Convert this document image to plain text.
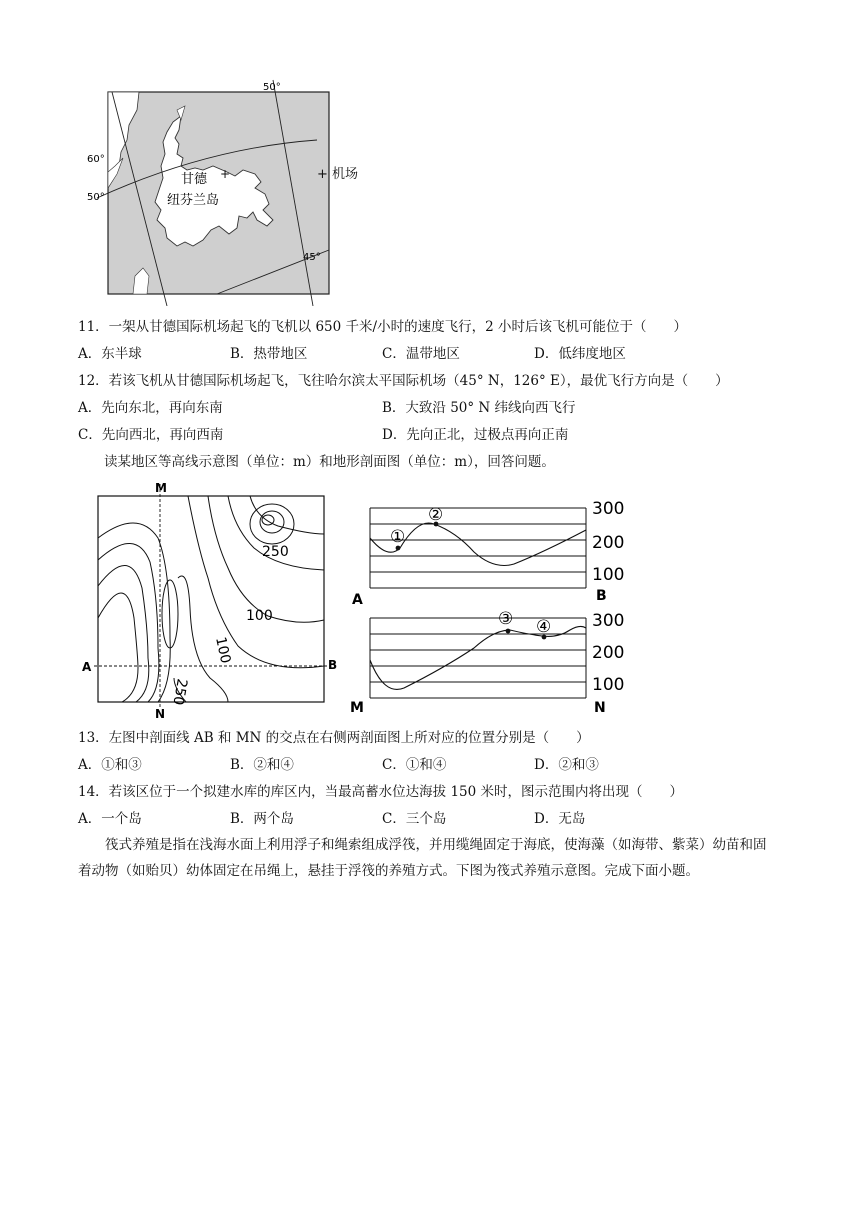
+
50°
60°
50°
45°
甘德
纽芬兰岛
+ 机场
11．一架从甘德国际机场起飞的飞机以 650 千米/小时的速度飞行，2 小时后该飞机可能位于（　　）
A．东半球	B．热带地区	C．温带地区	D．低纬度地区
12．若该飞机从甘德国际机场起飞，飞往哈尔滨太平国际机场（45° N，126° E），最优飞行方向是（　　）
A．先向东北，再向东南	B．大致沿 50° N 纬线向西飞行
C．先向西北，再向西南	D．先向正北，过极点再向正南
读某地区等高线示意图（单位：m）和地形剖面图（单位：m），回答问题。
M
N
A	B
250
100
100
250
①
②	300
200
100
A	B
③ ④ 300
200
100
M	N
13．左图中剖面线 AB 和 MN 的交点在右侧两剖面图上所对应的位置分别是（　　）
A．①和③	B．②和④	C．①和④	D．②和③
14．若该区位于一个拟建水库的库区内，当最高蓄水位达海拔 150 米时，图示范围内将出现（　　）
A．一个岛	B．两个岛	C．三个岛	D．无岛
筏式养殖是指在浅海水面上利用浮子和绳索组成浮筏，并用缆绳固定于海底，使海藻（如海带、紫菜）幼苗和固着动物（如贻贝）幼体固定在吊绳上，悬挂于浮筏的养殖方式。下图为筏式养殖示意图。完成下面小题。
